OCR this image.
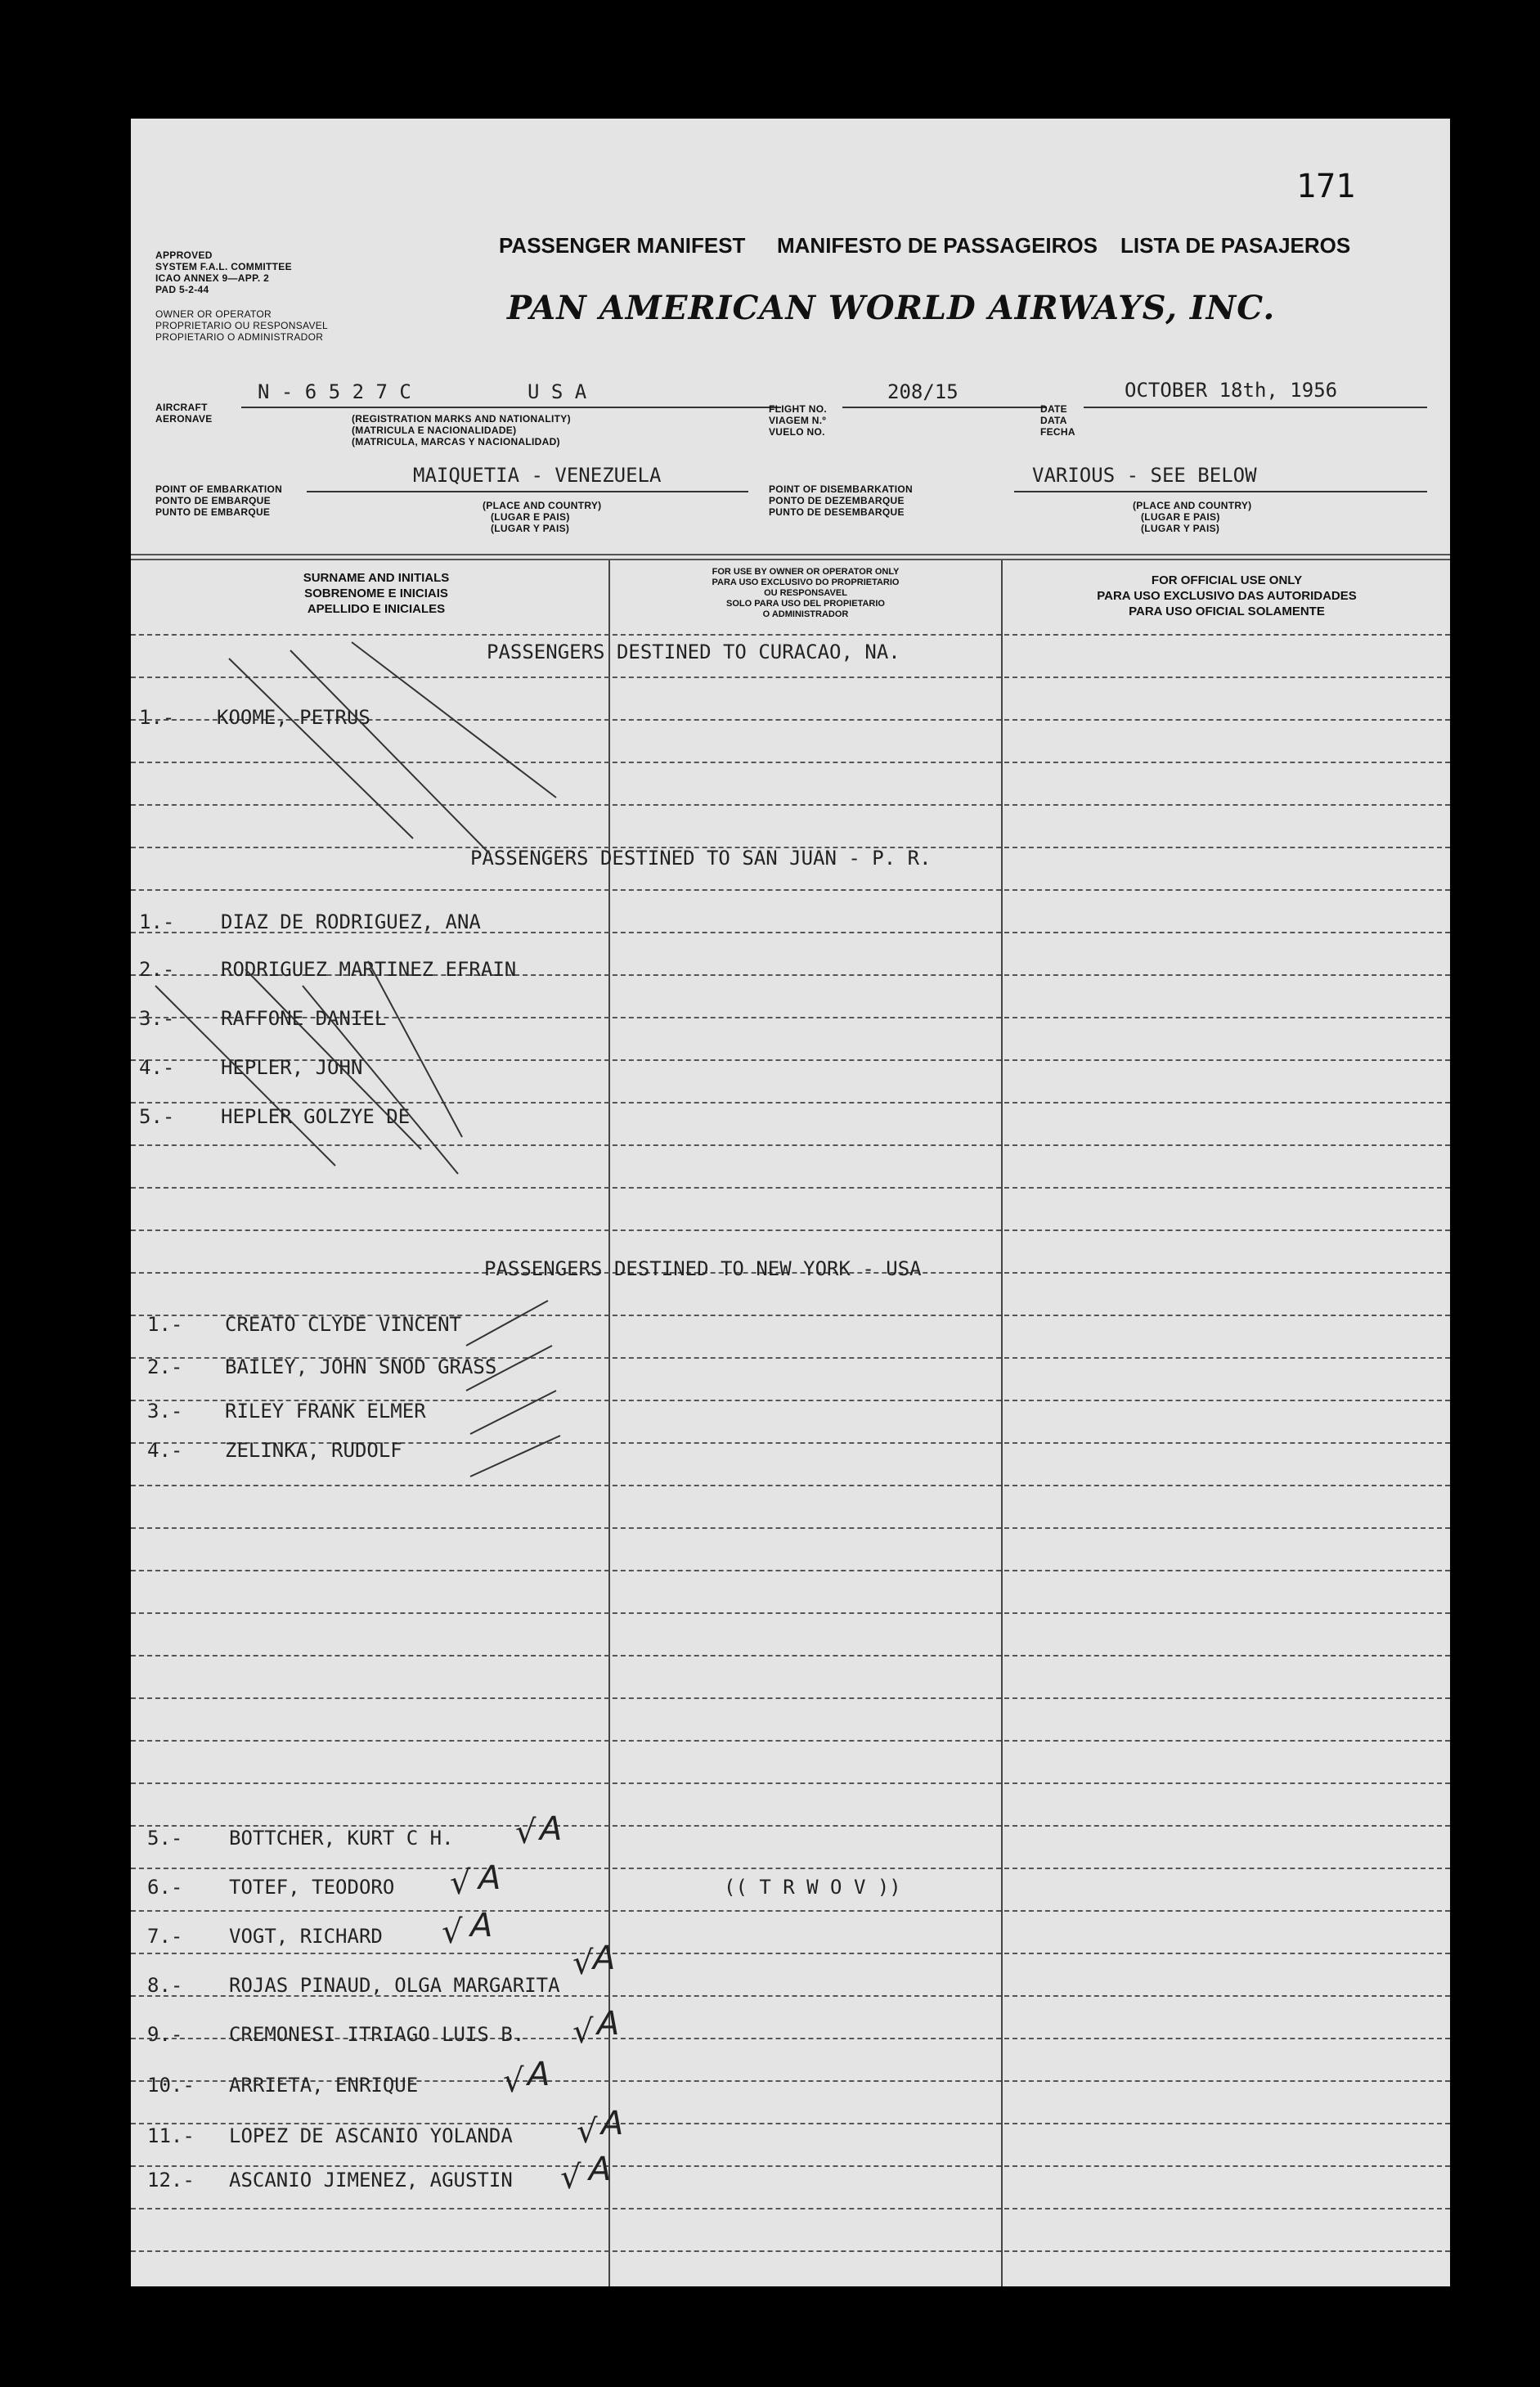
171
APPROVED
SYSTEM F.A.L. COMMITTEE
ICAO ANNEX 9—APP. 2
PAD 5-2-44
PASSENGER MANIFEST MANIFESTO DE PASSAGEIROS LISTA DE PASAJEROS
OWNER OR OPERATOR
PROPRIETARIO OU RESPONSAVEL
PROPIETARIO O ADMINISTRADOR
PAN AMERICAN WORLD AIRWAYS, INC.
AIRCRAFT
AERONAVE
N - 6 5 2 7 C	U S A
(REGISTRATION MARKS AND NATIONALITY)
(MATRICULA E NACIONALIDADE)
(MATRICULA, MARCAS Y NACIONALIDAD)
FLIGHT NO.
VIAGEM N.º
VUELO NO.
208/15
DATE
DATA
FECHA
OCTOBER 18th, 1956
POINT OF EMBARKATION
PONTO DE EMBARQUE
PUNTO DE EMBARQUE
MAIQUETIA - VENEZUELA
(PLACE AND COUNTRY)
(LUGAR E PAIS)
(LUGAR Y PAIS)
POINT OF DISEMBARKATION
PONTO DE DEZEMBARQUE
PUNTO DE DESEMBARQUE
VARIOUS - SEE BELOW
(PLACE AND COUNTRY)
(LUGAR E PAIS)
(LUGAR Y PAIS)
SURNAME AND INITIALS
SOBRENOME E INICIAIS
APELLIDO E INICIALES
FOR USE BY OWNER OR OPERATOR ONLY
PARA USO EXCLUSIVO DO PROPRIETARIO
OU RESPONSAVEL
SOLO PARA USO DEL PROPIETARIO
O ADMINISTRADOR
FOR OFFICIAL USE ONLY
PARA USO EXCLUSIVO DAS AUTORIDADES
PARA USO OFICIAL SOLAMENTE
PASSENGERS DESTINED TO CURACAO, NA.
PASSENGERS DESTINED TO SAN JUAN - P. R.
PASSENGERS DESTINED TO NEW YORK - USA
1.- KOOME, PETRUS
1.- DIAZ DE RODRIGUEZ, ANA
2.- RODRIGUEZ MARTINEZ EFRAIN
3.- RAFFONE DANIEL
4.- HEPLER, JOHN
5.- HEPLER GOLZYE DE
1.- CREATO CLYDE VINCENT
2.- BAILEY, JOHN SNOD GRASS
3.- RILEY FRANK ELMER
4.- ZELINKA, RUDOLF
5.- BOTTCHER, KURT C H.
6.- TOTEF, TEODORO
7.- VOGT, RICHARD
8.- ROJAS PINAUD, OLGA MARGARITA
9.- CREMONESI ITRIAGO LUIS B.
10.- ARRIETA, ENRIQUE
11.- LOPEZ DE ASCANIO YOLANDA
12.- ASCANIO JIMENEZ, AGUSTIN
(( T R W O V ))
√ A
√ A
√ A
√ A
√ A
√ A
√ A
√ A
